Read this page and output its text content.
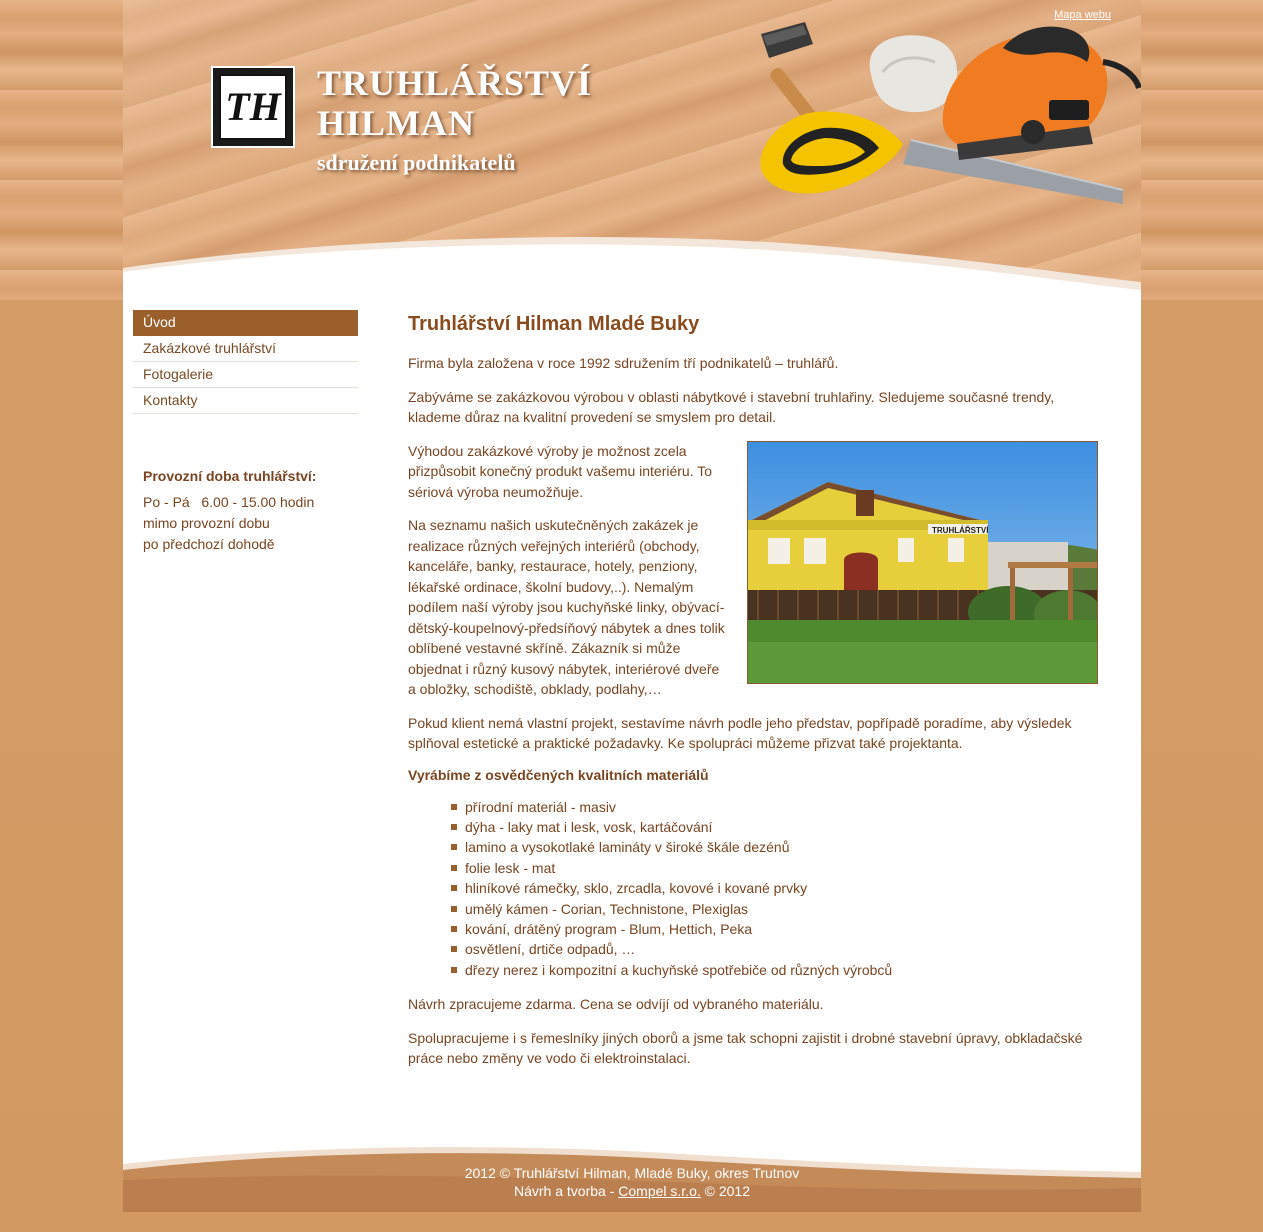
Mapa webu
TH
TRUHLÁŘSTVÍ
HILMAN
sdružení podnikatelů
Úvod
Zakázkové truhlářství
Fotogalerie
Kontakty
Provozní doba truhlářství:
Po - Pá   6.00 - 15.00 hodin
mimo provozní dobu
po předchozí dohodě
Truhlářství Hilman Mladé Buky

Firma byla založena v roce 1992 sdružením tří podnikatelů – truhlářů.

Zabýváme se zakázkovou výrobou v oblasti nábytkové i stavební truhlařiny. Sledujeme současné trendy, klademe důraz na kvalitní provedení se smyslem pro detail.

TRUHLÁŘSTVÍ

Výhodou zakázkové výroby je možnost zcela přizpůsobit konečný produkt vašemu interiéru. To sériová výroba neumožňuje.

Na seznamu našich uskutečněných zakázek je realizace různých veřejných interiérů (obchody, kanceláře, banky, restaurace, hotely, penziony, lékařské ordinace, školní budovy,..). Nemalým podílem naší výroby jsou kuchyňské linky, obývací-dětský-koupelnový-předsíňový nábytek a dnes tolik oblíbené vestavné skříně. Zákazník si může objednat i různý kusový nábytek, interiérové dveře a obložky, schodiště, obklady, podlahy,…

Pokud klient nemá vlastní projekt, sestavíme návrh podle jeho představ, popřípadě poradíme, aby výsledek splňoval estetické a praktické požadavky. Ke spolupráci můžeme přizvat také projektanta.

Vyrábíme z osvědčených kvalitních materiálů
přírodní materiál - masiv
dýha - laky mat i lesk, vosk, kartáčování
lamino a vysokotlaké lamináty v široké škále dezénů
folie lesk - mat
hliníkové rámečky, sklo, zrcadla, kovové i kované prvky
umělý kámen - Corian, Technistone, Plexiglas
kování, drátěný program - Blum, Hettich, Peka
osvětlení, drtiče odpadů, …
dřezy nerez i kompozitní a kuchyňské spotřebiče od různých výrobců

Návrh zpracujeme zdarma. Cena se odvíjí od vybraného materiálu.

Spolupracujeme i s řemeslníky jiných oborů a jsme tak schopni zajistit i drobné stavební úpravy, obkladačské práce nebo změny ve vodo či elektroinstalaci.

2012 © Truhlářství Hilman, Mladé Buky, okres Trutnov
Návrh a tvorba - Compel s.r.o. © 2012
